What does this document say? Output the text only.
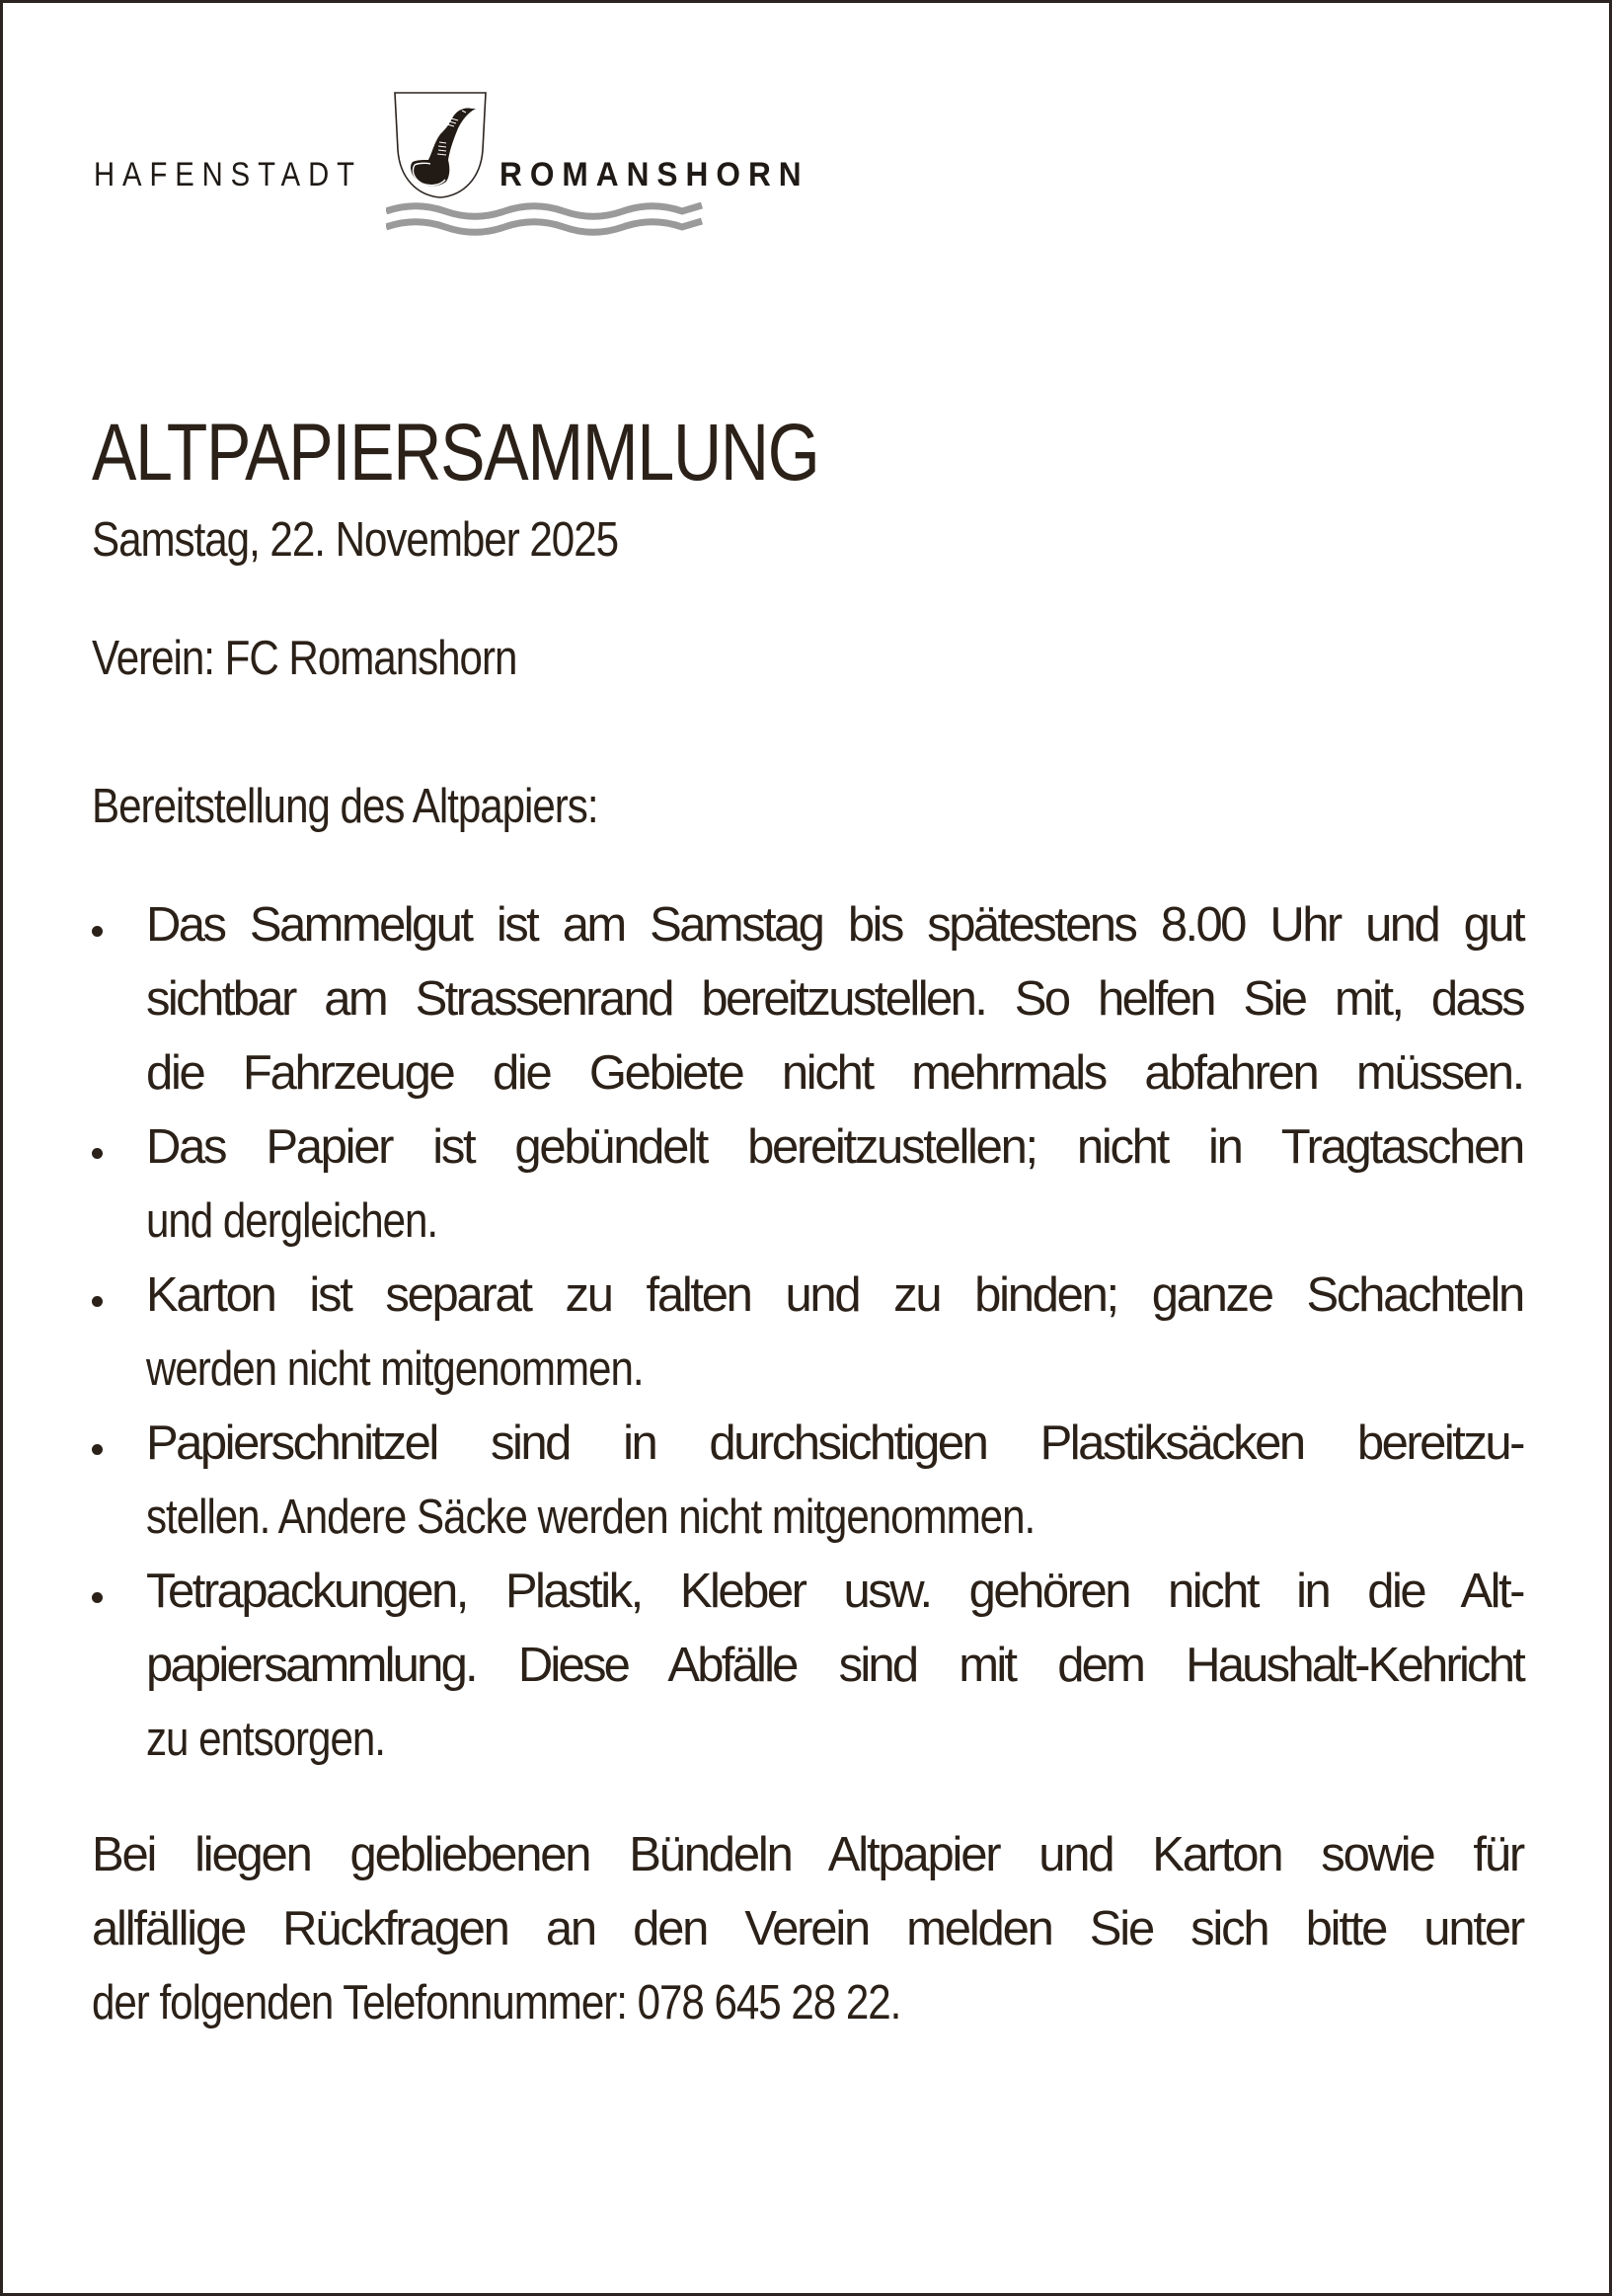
HAFENSTADT	ROMANSHORN
ALTPAPIERSAMMLUNG
Samstag, 22. November 2025
Verein: FC Romanshorn
Bereitstellung des Altpapiers:
Das Sammelgut ist am Samstag bis spätestens 8.00 Uhr und gut
sichtbar am Strassenrand bereitzustellen. So helfen Sie mit, dass
die Fahrzeuge die Gebiete nicht mehrmals abfahren müssen.
Das Papier ist gebündelt bereitzustellen; nicht in Tragtaschen
und dergleichen.
Karton ist separat zu falten und zu binden; ganze Schachteln
werden nicht mitgenommen.
Papierschnitzel sind in durchsichtigen Plastiksäcken bereitzu-
stellen. Andere Säcke werden nicht mitgenommen.
Tetrapackungen, Plastik, Kleber usw. gehören nicht in die Alt-
papiersammlung. Diese Abfälle sind mit dem Haushalt-Kehricht
zu entsorgen.
Bei liegen gebliebenen Bündeln Altpapier und Karton sowie für
allfällige Rückfragen an den Verein melden Sie sich bitte unter
der folgenden Telefonnummer: 078 645 28 22.
